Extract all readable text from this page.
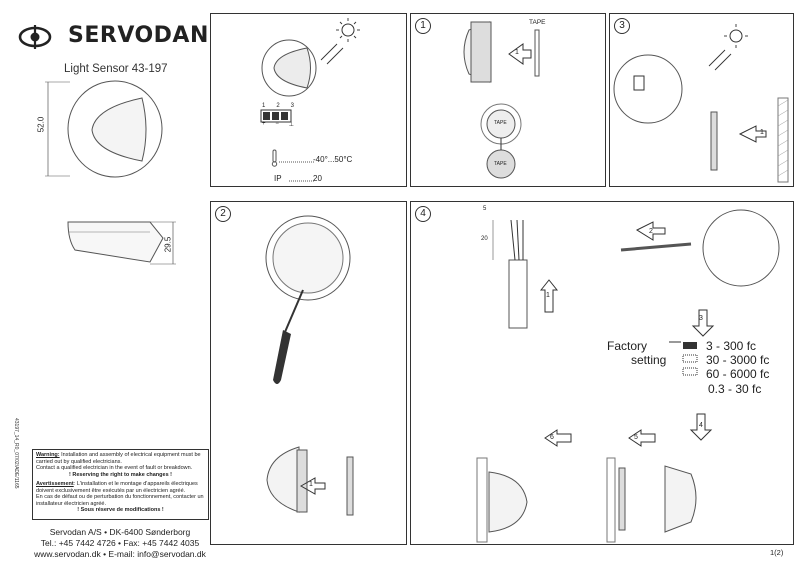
SERVODAN
Light Sensor 43-197
52.0
29.5
43197_14_R0_07/02/ADE/1165
1 2 3
+ − ⊥
-40°...50°C
IP	20
1	TAPE
TAPE
TAPE
1
3
1
2
1
4	5
20
1
2
3
4
5
6
Factory
setting
3 - 300 fc
30 - 3000 fc
60 - 6000 fc
0.3 - 30 fc
Warning: Installation and assembly of electrical equipment must be carried out by qualified electricians.
Contact a qualified electrician in the event of fault or breakdown.
! Reserving the right to make changes !
Avertissement: L'installation et le montage d'appareils électriques doivent exclusivement être exécutés par un électricien agréé.
En cas de défaut ou de perturbation du fonctionnement, contacter un installateur électricien agréé.
! Sous réserve de modifications !
Servodan A/S • DK-6400 Sønderborg
Tel.: +45 7442 4726 • Fax: +45 7442 4035
www.servodan.dk • E-mail: info@servodan.dk	1(2)
